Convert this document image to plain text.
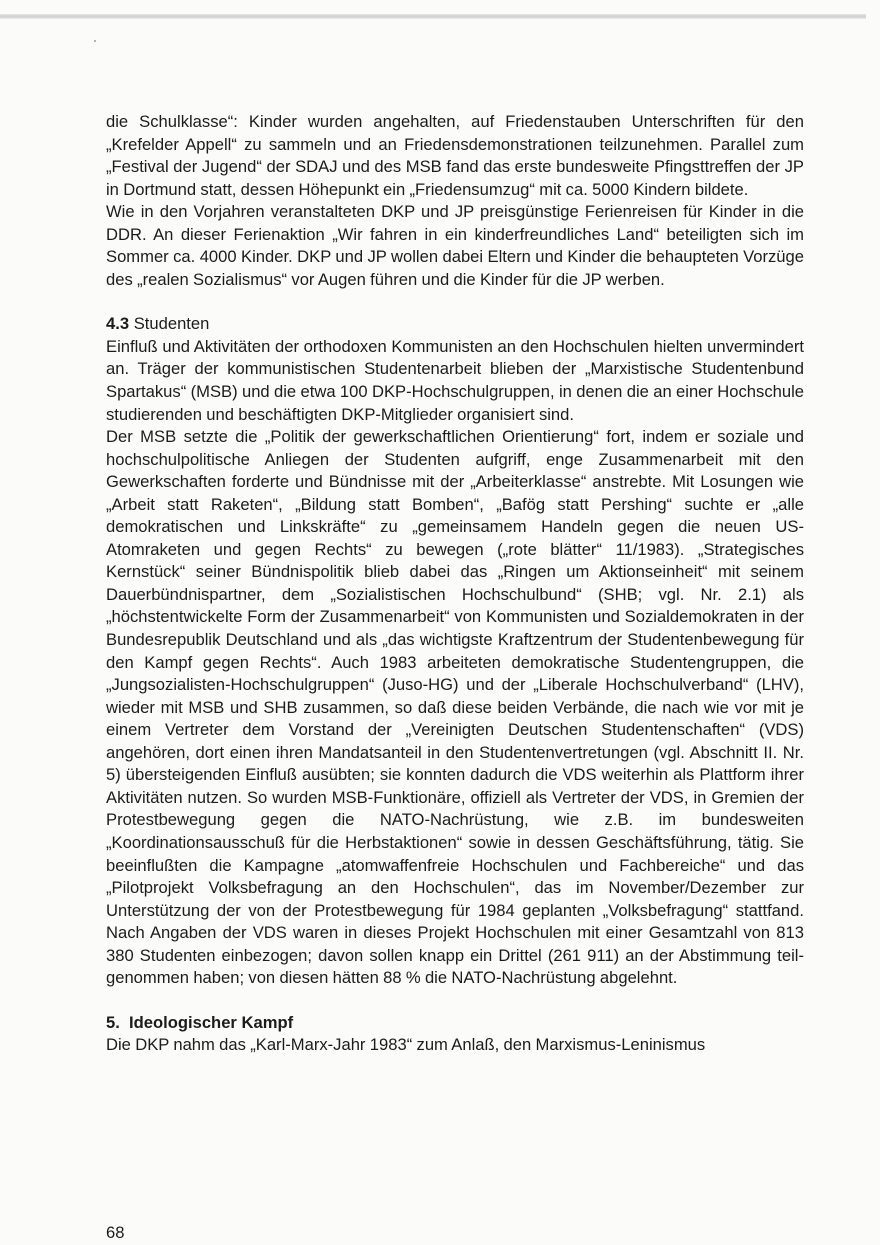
die Schulklasse“: Kinder wurden angehalten, auf Friedenstauben Unterschriften für den „Krefelder Appell“ zu sammeln und an Friedensdemonstrationen teilzunehmen. Parallel zum „Festival der Jugend“ der SDAJ und des MSB fand das erste bundesweite Pfingsttreffen der JP in Dortmund statt, dessen Höhepunkt ein „Friedensumzug“ mit ca. 5000 Kindern bildete.

Wie in den Vorjahren veranstalteten DKP und JP preisgünstige Ferienreisen für Kinder in die DDR. An dieser Ferienaktion „Wir fahren in ein kinderfreundliches Land“ beteiligten sich im Sommer ca. 4000 Kinder. DKP und JP wollen dabei Eltern und Kinder die behaupteten Vorzüge des „realen Sozialismus“ vor Augen führen und die Kinder für die JP werben.

4.3 Studenten

Einfluß und Aktivitäten der orthodoxen Kommunisten an den Hochschulen hielten unvermindert an. Träger der kommunistischen Studentenarbeit blieben der „Marxistische Studentenbund Spartakus“ (MSB) und die etwa 100 DKP-Hochschulgruppen, in denen die an einer Hochschule studierenden und beschäftigten DKP-Mitglieder organisiert sind.

Der MSB setzte die „Politik der gewerkschaftlichen Orientierung“ fort, indem er soziale und hochschulpolitische Anliegen der Studenten aufgriff, enge Zusammenarbeit mit den Gewerkschaften forderte und Bündnisse mit der „Arbeiterklasse“ anstrebte. Mit Losungen wie „Arbeit statt Raketen“, „Bildung statt Bomben“, „Bafög statt Pershing“ suchte er „alle demokratischen und Linkskräfte“ zu „gemeinsamem Handeln gegen die neuen US-Atomraketen und gegen Rechts“ zu bewegen („rote blätter“ 11/1983). „Strategisches Kernstück“ seiner Bündnispolitik blieb dabei das „Ringen um Aktionseinheit“ mit seinem Dauerbündnispartner, dem „Sozialistischen Hochschulbund“ (SHB; vgl. Nr. 2.1) als „höchstentwickelte Form der Zusammenarbeit“ von Kommunisten und Sozialdemokraten in der Bundesrepublik Deutschland und als „das wichtigste Kraftzentrum der Studentenbewegung für den Kampf gegen Rechts“. Auch 1983 arbeiteten demokratische Studentengruppen, die „Jungsozialisten-Hochschulgruppen“ (Juso-HG) und der „Liberale Hochschulverband“ (LHV), wieder mit MSB und SHB zusammen, so daß diese beiden Verbände, die nach wie vor mit je einem Vertreter dem Vorstand der „Vereinigten Deutschen Studentenschaften“ (VDS) angehören, dort einen ihren Mandatsanteil in den Studentenvertretungen (vgl. Abschnitt II. Nr. 5) übersteigenden Einfluß ausübten; sie konnten dadurch die VDS weiterhin als Plattform ihrer Aktivitäten nutzen. So wurden MSB-Funktionäre, offiziell als Vertreter der VDS, in Gremien der Protestbewegung gegen die NATO-Nachrüstung, wie z.B. im bundesweiten „Koordinationsausschuß für die Herbstaktionen“ sowie in dessen Geschäftsführung, tätig. Sie beeinflußten die Kampagne „atomwaffenfreie Hochschulen und Fachbereiche“ und das „Pilotprojekt Volksbefragung an den Hochschulen“, das im November/Dezember zur Unterstützung der von der Protestbewegung für 1984 geplanten „Volksbefragung“ stattfand. Nach Angaben der VDS waren in dieses Projekt Hochschulen mit einer Gesamtzahl von 813 380 Studenten einbezogen; davon sollen knapp ein Drittel (261 911) an der Abstimmung teilgenommen haben; von diesen hätten 88 % die NATO-Nachrüstung abgelehnt.

5. Ideologischer Kampf

Die DKP nahm das „Karl-Marx-Jahr 1983“ zum Anlaß, den Marxismus-Leninismus

68
